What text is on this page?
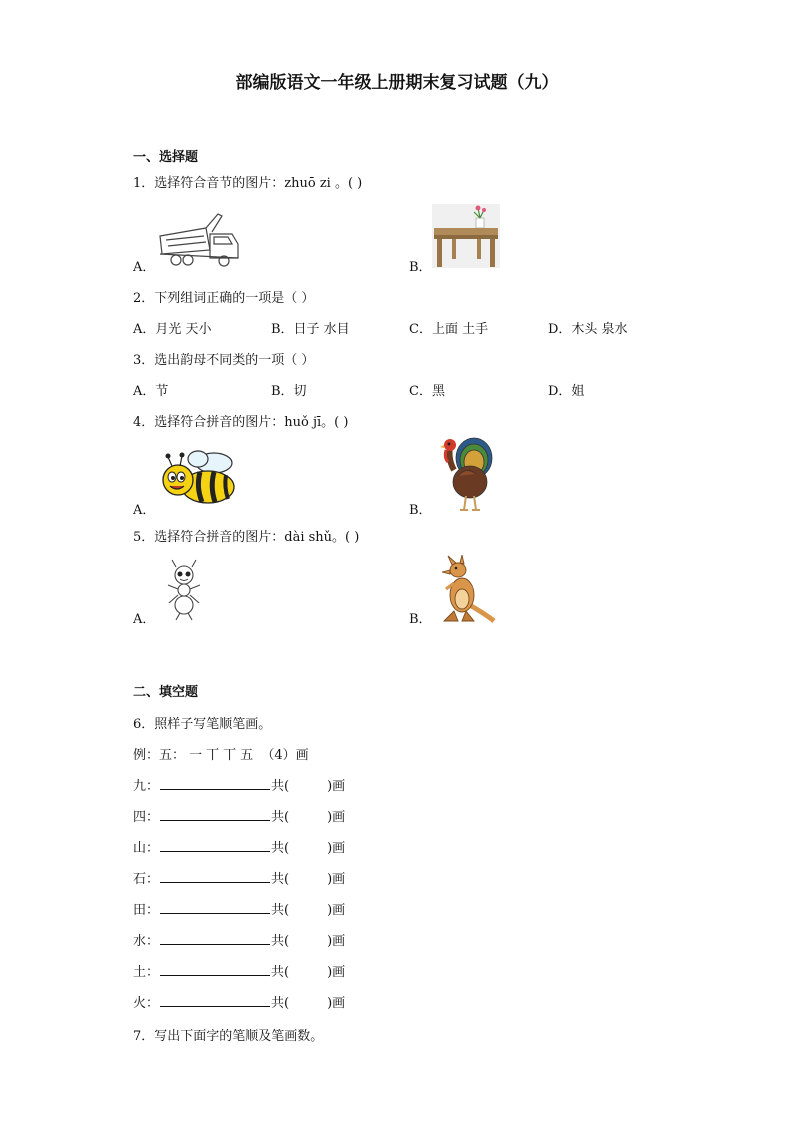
部编版语文一年级上册期末复习试题（九）
一、选择题
1．选择符合音节的图片：zhuō zi 。( )
A．	B．
2．下列组词正确的一项是（ ）
A．月光 天小	B．日子 水目	C．上面 土手	D．木头 泉水
3．选出韵母不同类的一项（ ）
A．节	B．切	C．黑	D．姐
4．选择符合拼音的图片：huǒ jī。( )
A．	B．
5．选择符合拼音的图片：dài shǔ。( )
A．	B．
二、填空题
6．照样子写笔顺笔画。
例：五： 一丅丅五 （4）画
九：	共(	)画
四：	共(	)画
山：	共(	)画
石：	共(	)画
田：	共(	)画
水：	共(	)画
土：	共(	)画
火：	共(	)画
7．写出下面字的笔顺及笔画数。
